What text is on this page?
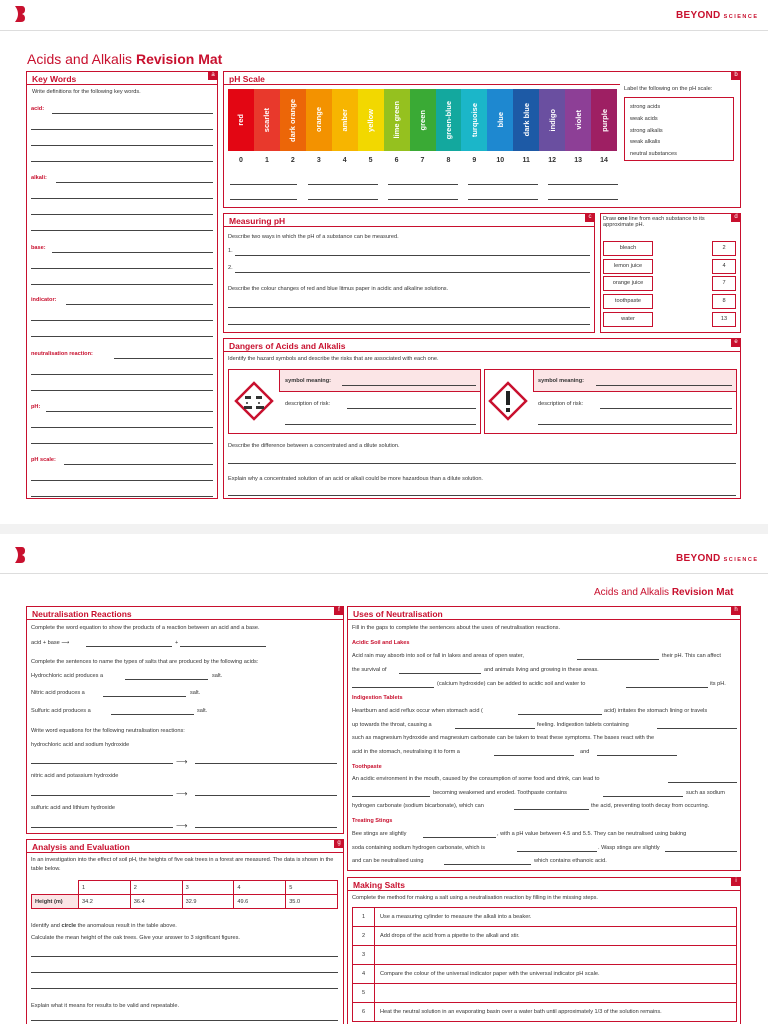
BEYOND SCIENCE
Acids and Alkalis Revision Mat
Key Words	a
Write definitions for the following key words.
acid:
alkali:
base:
indicator:
neutralisation reaction:
pH:
pH scale:
pH Scale	b
red scarlet dark orange orange amber yellow lime green green green-blue turquoise blue dark blue indigo violet purple
0	1	2	3	4	5	6	7	8	9	10	11	12	13	14
Label the following on the pH scale:
strong acids
weak acids
strong alkalis
weak alkalis
neutral substances
Measuring pH	c
Describe two ways in which the pH of a substance can be measured.
1.
2.
Describe the colour changes of red and blue litmus paper in acidic and alkaline solutions.
d
Draw one line from each substance to its approximate pH.
bleach
lemon juice
orange juice
toothpaste
water
2
4
7
8
13
Dangers of Acids and Alkalis	e
Identify the hazard symbols and describe the risks that are associated with each one.
symbol meaning:
description of risk:
symbol meaning:
description of risk:
Describe the difference between a concentrated and a dilute solution.
Explain why a concentrated solution of an acid or alkali could be more hazardous than a dilute solution.
BEYOND SCIENCE
Acids and Alkalis Revision Mat
Neutralisation Reactions	f
Complete the word equation to show the products of a reaction between an acid and a base.
acid + base ⟶	+
Complete the sentences to name the types of salts that are produced by the following acids:
Hydrochloric acid produces a	salt.
Nitric acid produces a	salt.
Sulfuric acid produces a	salt.
Write word equations for the following neutralisation reactions:
hydrochloric acid and sodium hydroxide
⟶
nitric acid and potassium hydroxide
⟶
sulfuric acid and lithium hydroxide
⟶
Analysis and Evaluation	g
In an investigation into the effect of soil pH, the heights of five oak trees in a forest are measured. The data is shown in the table below.
	1	2	3	4	5
Height (m)	34.2	36.4	32.9	49.6	35.0
Identify and circle the anomalous result in the table above.
Calculate the mean height of the oak trees. Give your answer to 3 significant figures.
Explain what it means for results to be valid and repeatable.
Uses of Neutralisation	h
Fill in the gaps to complete the sentences about the uses of neutralisation reactions.
Acidic Soil and Lakes
Acid rain may absorb into soil or fall in lakes and areas of open water,	their pH. This can affect
the survival of	and animals living and growing in these areas.
(calcium hydroxide) can be added to acidic soil and water to	its pH.
Indigestion Tablets
Heartburn and acid reflux occur when stomach acid (	acid) irritates the stomach lining or travels
up towards the throat, causing a	feeling. Indigestion tablets containing
such as magnesium hydroxide and magnesium carbonate can be taken to treat these symptoms. The bases react with the
acid in the stomach, neutralising it to form a	and
Toothpaste
An acidic environment in the mouth, caused by the consumption of some food and drink, can lead to
becoming weakened and eroded. Toothpaste contains	such as sodium
hydrogen carbonate (sodium bicarbonate), which can	the acid, preventing tooth decay from occurring.
Treating Stings
Bee stings are slightly	, with a pH value between 4.5 and 5.5. They can be neutralised using baking
soda containing sodium hydrogen carbonate, which is	. Wasp stings are slightly
and can be neutralised using	which contains ethanoic acid.
Making Salts	i
Complete the method for making a salt using a neutralisation reaction by filling in the missing steps.
1	Use a measuring cylinder to measure the alkali into a beaker.
2	Add drops of the acid from a pipette to the alkali and stir.
3	
4	Compare the colour of the universal indicator paper with the universal indicator pH scale.
5	
6	Heat the neutral solution in an evaporating basin over a water bath until approximately 1/3 of the solution remains.
